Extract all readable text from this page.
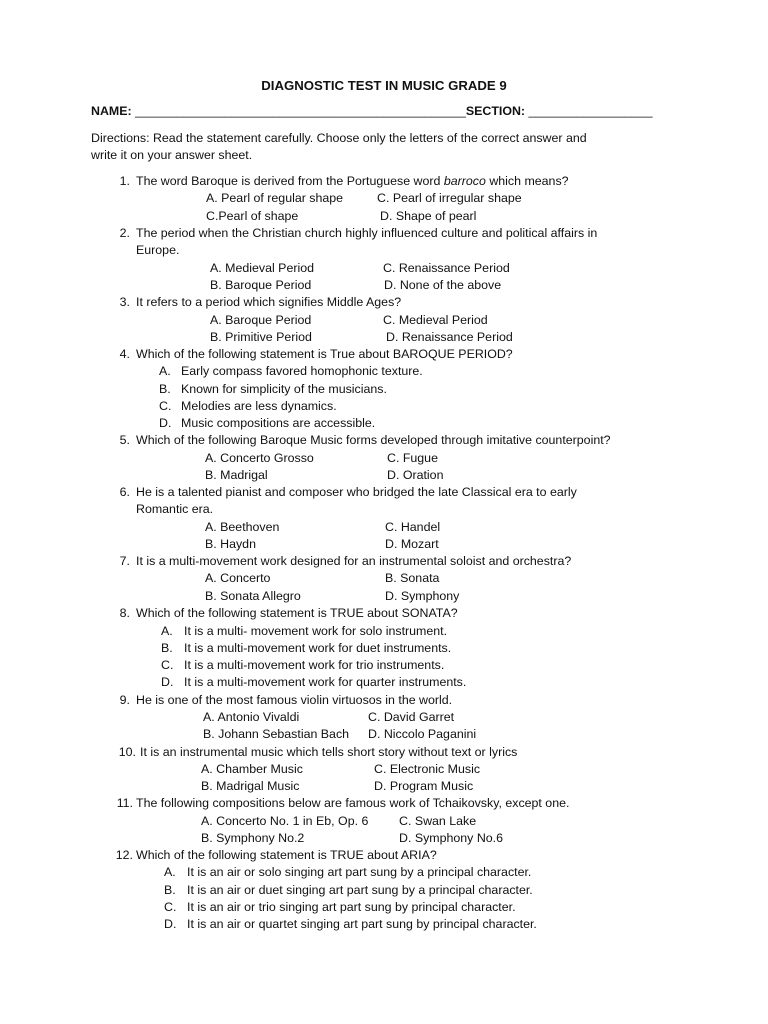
DIAGNOSTIC TEST IN MUSIC GRADE 9
NAME: ________________________________________________SECTION: __________________
Directions: Read the statement carefully. Choose only the letters of the correct answer and
write it on your answer sheet.
1. The word Baroque is derived from the Portuguese word barroco which means?
A. Pearl of regular shape	C. Pearl of irregular shape
C.Pearl of shape	D. Shape of pearl
2. The period when the Christian church highly influenced culture and political affairs in
Europe.
A. Medieval Period	C. Renaissance Period
B. Baroque Period	D. None of the above
3. It refers to a period which signifies Middle Ages?
A. Baroque Period	C. Medieval Period
B. Primitive Period	D. Renaissance Period
4. Which of the following statement is True about BAROQUE PERIOD?
A. Early compass favored homophonic texture.
B. Known for simplicity of the musicians.
C. Melodies are less dynamics.
D. Music compositions are accessible.
5. Which of the following Baroque Music forms developed through imitative counterpoint?
A. Concerto Grosso	C. Fugue
B. Madrigal	D. Oration
6. He is a talented pianist and composer who bridged the late Classical era to early
Romantic era.
A. Beethoven	C. Handel
B. Haydn	D. Mozart
7. It is a multi-movement work designed for an instrumental soloist and orchestra?
A. Concerto	B. Sonata
B. Sonata Allegro	D. Symphony
8. Which of the following statement is TRUE about SONATA?
A. It is a multi- movement work for solo instrument.
B. It is a multi-movement work for duet instruments.
C. It is a multi-movement work for trio instruments.
D. It is a multi-movement work for quarter instruments.
9. He is one of the most famous violin virtuosos in the world.
A. Antonio Vivaldi	C. David Garret
B. Johann Sebastian Bach D. Niccolo Paganini
10. It is an instrumental music which tells short story without text or lyrics
A. Chamber Music	C. Electronic Music
B. Madrigal Music	D. Program Music
11. The following compositions below are famous work of Tchaikovsky, except one.
A. Concerto No. 1 in Eb, Op. 6 C. Swan Lake
B. Symphony No.2	D. Symphony No.6
12. Which of the following statement is TRUE about ARIA?
A. It is an air or solo singing art part sung by a principal character.
B. It is an air or duet singing art part sung by a principal character.
C. It is an air or trio singing art part sung by principal character.
D. It is an air or quartet singing art part sung by principal character.
